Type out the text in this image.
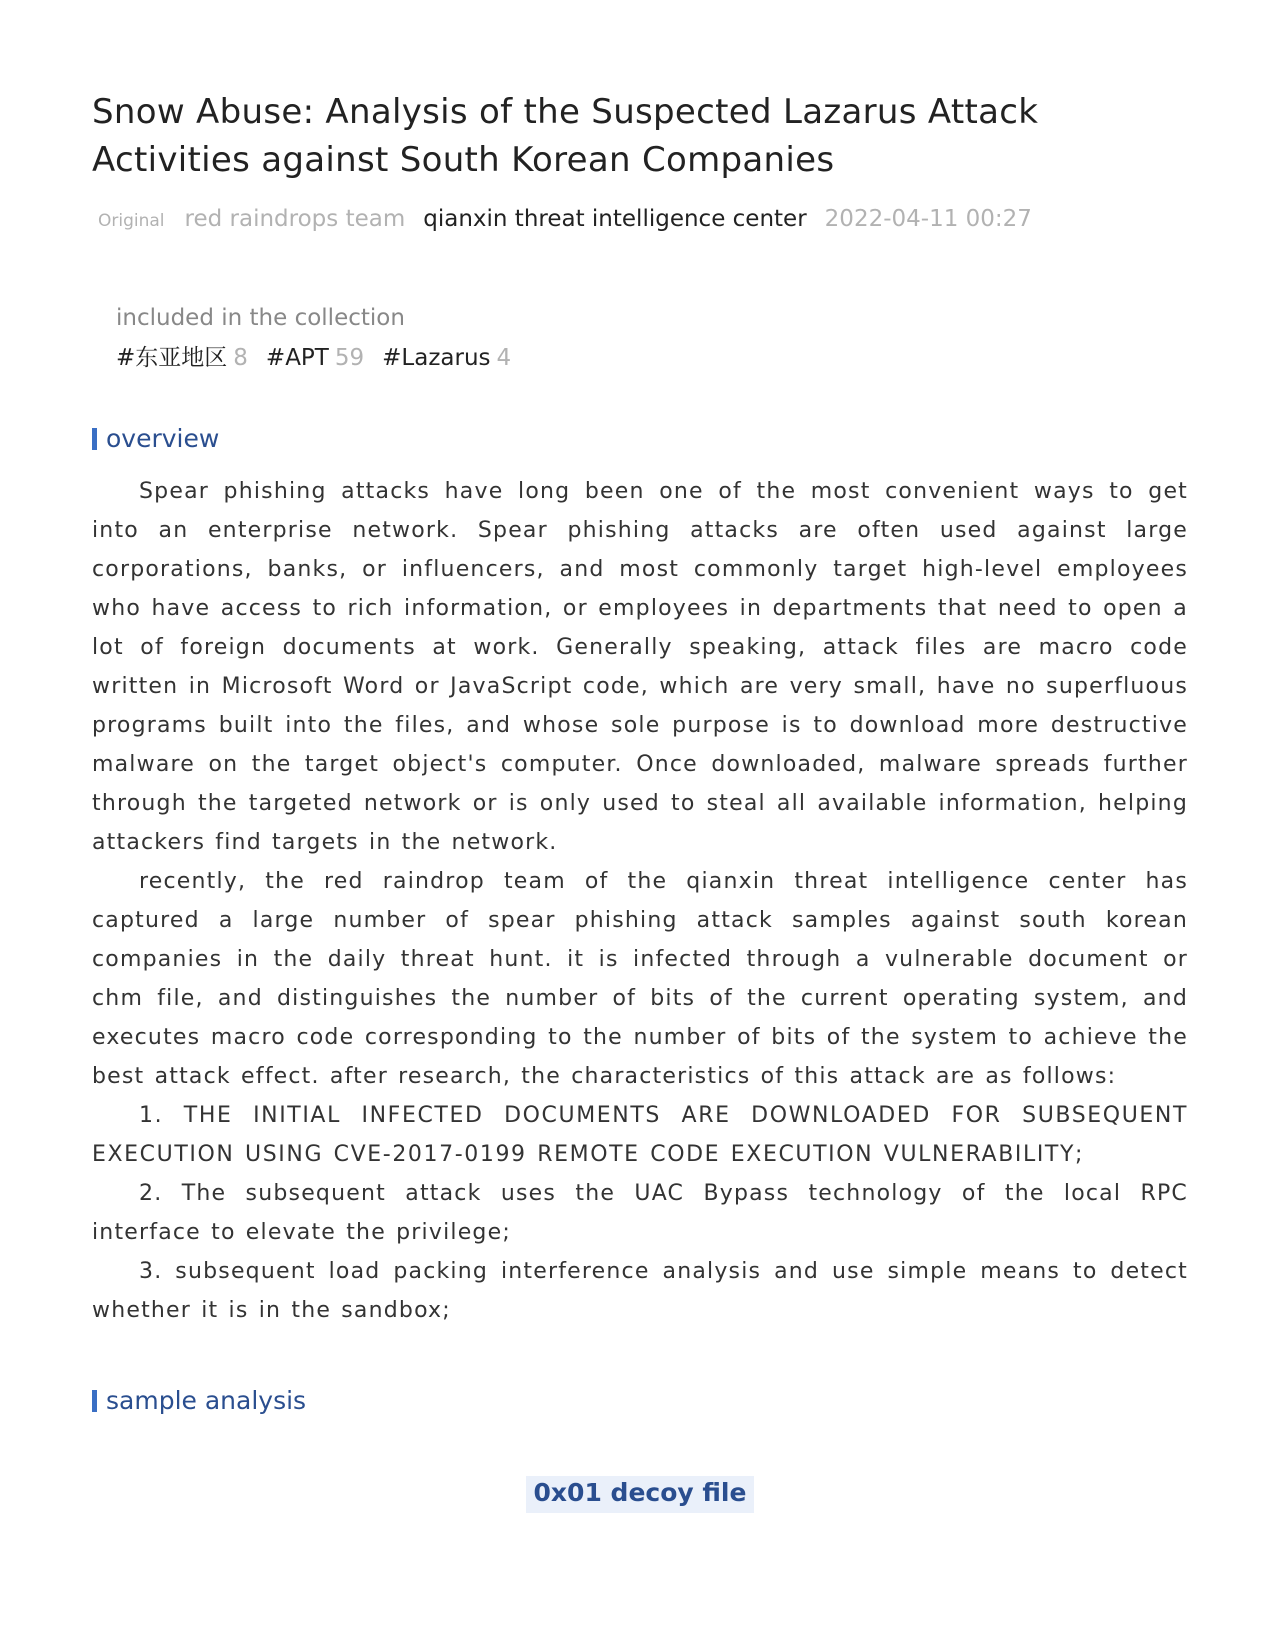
Snow Abuse: Analysis of the Suspected Lazarus Attack Activities against South Korean Companies
Original red raindrops team qianxin threat intelligence center 2022-04-11 00:27
included in the collection
#东亚地区 8 #APT 59 #Lazarus 4
overview

Spear phishing attacks have long been one of the most convenient ways to get into an enterprise network. Spear phishing attacks are often used against large corporations, banks, or influencers, and most commonly target high-level employees who have access to rich information, or employees in departments that need to open a lot of foreign documents at work. Generally speaking, attack files are macro code written in Microsoft Word or JavaScript code, which are very small, have no superfluous programs built into the files, and whose sole purpose is to download more destructive malware on the target object's computer. Once downloaded, malware spreads further through the targeted network or is only used to steal all available information, helping attackers find targets in the network.

recently, the red raindrop team of the qianxin threat intelligence center has captured a large number of spear phishing attack samples against south korean companies in the daily threat hunt. it is infected through a vulnerable document or chm file, and distinguishes the number of bits of the current operating system, and executes macro code corresponding to the number of bits of the system to achieve the best attack effect. after research, the characteristics of this attack are as follows:

1. THE INITIAL INFECTED DOCUMENTS ARE DOWNLOADED FOR SUBSEQUENT EXECUTION USING CVE-2017-0199 REMOTE CODE EXECUTION VULNERABILITY;

2. The subsequent attack uses the UAC Bypass technology of the local RPC interface to elevate the privilege;

3. subsequent load packing interference analysis and use simple means to detect whether it is in the sandbox;

sample analysis
0x01 decoy file
